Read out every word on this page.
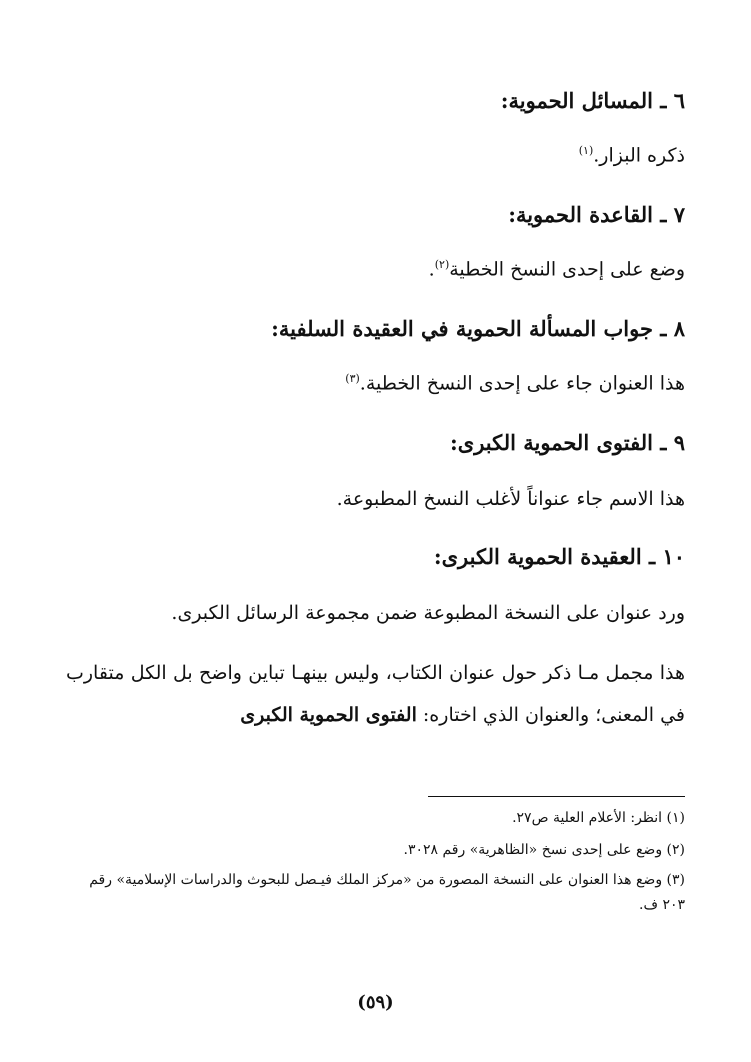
٦ ـ المسائل الحموية:
ذكره البزار.$^{(١)}$
٧ ـ القاعدة الحموية:
وضع على إحدى النسخ الخطية$^{(٢)}$.
٨ ـ جواب المسألة الحموية في العقيدة السلفية:
هذا العنوان جاء على إحدى النسخ الخطية.$^{(٣)}$
٩ ـ الفتوى الحموية الكبرى:
هذا الاسم جاء عنواناً لأغلب النسخ المطبوعة.
١٠ ـ العقيدة الحموية الكبرى:
ورد عنوان على النسخة المطبوعة ضمن مجموعة الرسائل الكبرى.
هذا مجمل مـا ذكر حول عنوان الكتاب، وليس بينهـا تباين واضح بل الكل متقارب في المعنى؛ والعنوان الذي اختاره: الفتوى الحموية الكبرى
(١) انظر: الأعلام العلية ص٢٧.
(٢) وضع على إحدى نسخ «الظاهرية» رقم ٣٠٢٨.
(٣) وضع هذا العنوان على النسخة المصورة من «مركز الملك فيـصل للبحوث والدراسات الإسلامية» رقم ٢٠٣ ف.
(٥٩)
